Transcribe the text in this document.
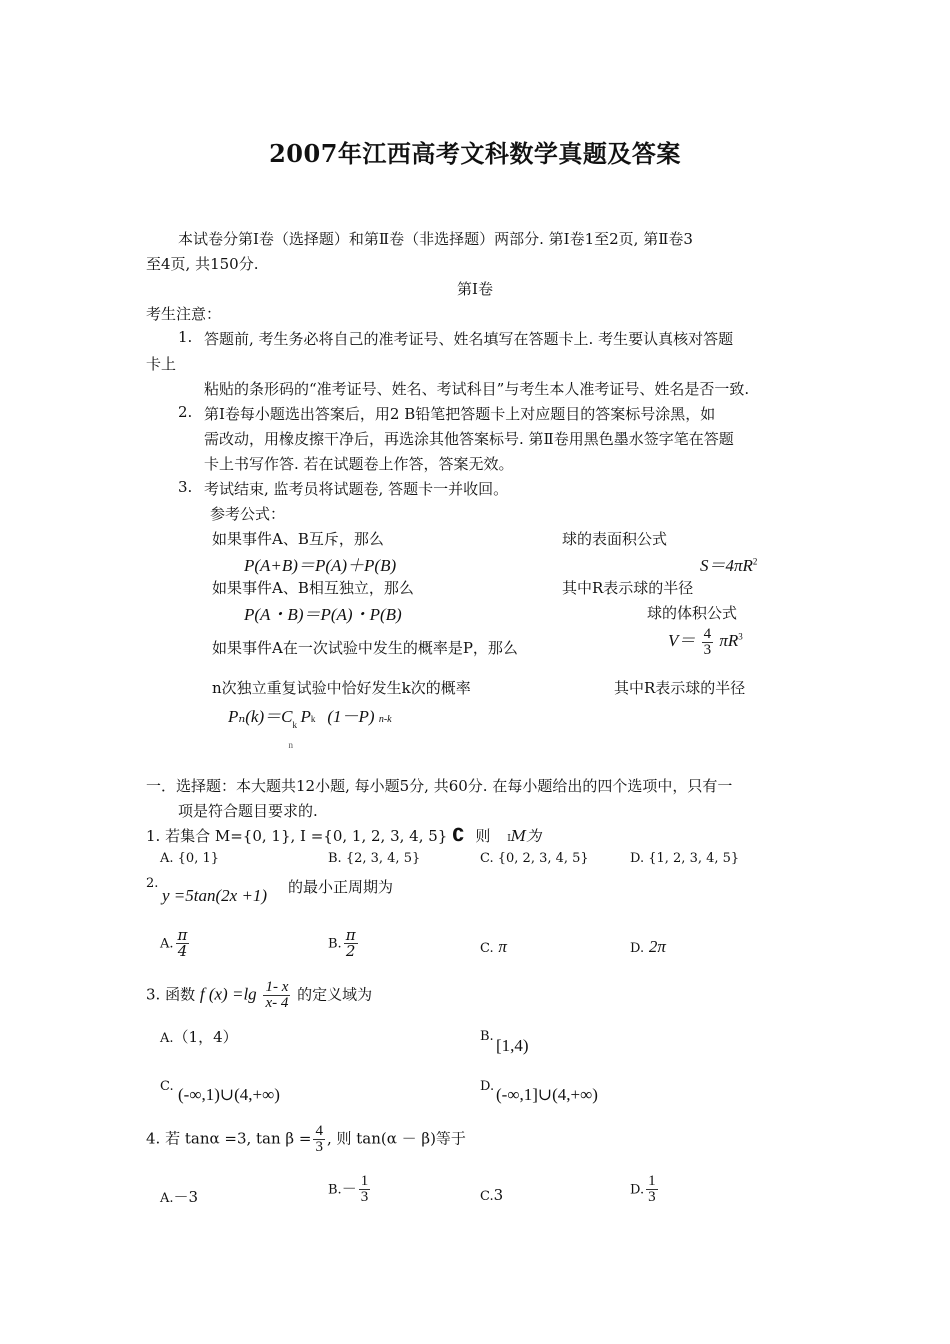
2007年江西高考文科数学真题及答案
本试卷分第Ⅰ卷（选择题）和第Ⅱ卷（非选择题）两部分. 第Ⅰ卷1至2页, 第Ⅱ卷3
至4页, 共150分.
第Ⅰ卷
考生注意：
1. 答题前, 考生务必将自己的准考证号、姓名填写在答题卡上. 考生要认真核对答题
卡上
粘贴的条形码的“准考证号、姓名、考试科目”与考生本人准考证号、姓名是否一致.
2. 第Ⅰ卷每小题选出答案后，用2 B铅笔把答题卡上对应题目的答案标号涂黑，如
需改动，用橡皮擦干净后，再选涂其他答案标号. 第Ⅱ卷用黑色墨水签字笔在答题
卡上书写作答. 若在试题卷上作答，答案无效。
3. 考试结束, 监考员将试题卷, 答题卡一并收回。
参考公式：
如果事件A、B互斥，那么
P(A+B)＝P(A)＋P(B)
如果事件A、B相互独立，那么
P(A・B)＝P(A)・P(B)
如果事件A在一次试验中发生的概率是P，那么
n次独立重复试验中恰好发生k次的概率
Pₙ(k)＝C k
n
Pk (1－P) n-k
球的表面积公式
$S=4\pi R^2$
其中R表示球的半径
球的体积公式
$V= \frac{4}{3} \pi R^3$
其中R表示球的半径
一．选择题：本大题共12小题, 每小题5分, 共60分. 在每小题给出的四个选项中，只有一
项是符合题目要求的.
1. 若集合 M={0, 1}, I ={0, 1, 2, 3, 4, 5} ∁ 则 IM为
A. {0, 1}	B. {2, 3, 4, 5}	C. {0, 2, 3, 4, 5}	D. {1, 2, 3, 4, 5}
2.
y =5tan(2x +1) 的最小正周期为
A. $\frac{\pi}{4}$	B. $\frac{\pi}{2}$	C. π	D. 2π
3. 函数 f $(x) =\lg \frac{1- x}{x- 4}$ 的定义域为
A.（1，4）	B. [1,4)
C. (-∞,1)∪(4,+∞)	D. (-∞,1]∪(4,+∞)
4. 若 tanα =3, $\tan \beta = \frac{4}{3}$ , 则 tan(α － β)等于
A.－3	$B.- \frac{1}{3}$	C.3	D. $\frac{1}{3}$
